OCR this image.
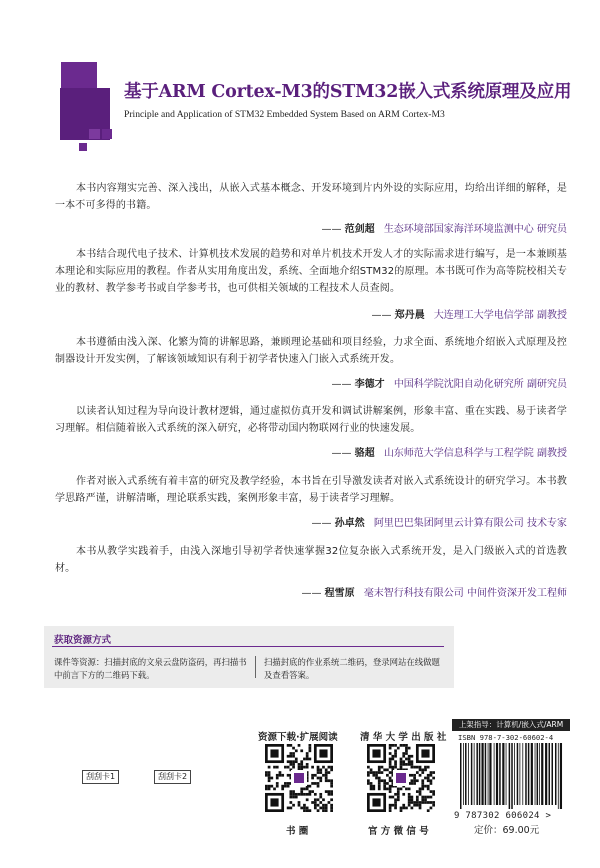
基于ARM Cortex-M3的STM32嵌入式系统原理及应用
Principle and Application of STM32 Embedded System Based on ARM Cortex-M3

本书内容翔实完善、深入浅出，从嵌入式基本概念、开发环境到片内外设的实际应用，均给出详细的解释，是一本不可多得的书籍。

—— 范剑超 生态环境部国家海洋环境监测中心 研究员

本书结合现代电子技术、计算机技术发展的趋势和对单片机技术开发人才的实际需求进行编写，是一本兼顾基本理论和实际应用的教程。作者从实用角度出发，系统、全面地介绍STM32的原理。本书既可作为高等院校相关专业的教材、教学参考书或自学参考书，也可供相关领域的工程技术人员查阅。

—— 郑丹晨 大连理工大学电信学部 副教授

本书遵循由浅入深、化繁为简的讲解思路，兼顾理论基础和项目经验，力求全面、系统地介绍嵌入式原理及控制器设计开发实例，了解该领域知识有利于初学者快速入门嵌入式系统开发。

—— 李德才 中国科学院沈阳自动化研究所 副研究员

以读者认知过程为导向设计教材逻辑，通过虚拟仿真开发和调试讲解案例，形象丰富、重在实践、易于读者学习理解。相信随着嵌入式系统的深入研究，必将带动国内物联网行业的快速发展。

—— 骆超 山东师范大学信息科学与工程学院 副教授

作者对嵌入式系统有着丰富的研究及教学经验，本书旨在引导激发读者对嵌入式系统设计的研究学习。本书教学思路严谨，讲解清晰，理论联系实践，案例形象丰富，易于读者学习理解。

—— 孙卓然 阿里巴巴集团阿里云计算有限公司 技术专家

本书从教学实践着手，由浅入深地引导初学者快速掌握32位复杂嵌入式系统开发，是入门级嵌入式的首选教材。

—— 程雪原 毫末智行科技有限公司 中间件资深开发工程师
获取资源方式
课件等资源：扫描封底的文泉云盘防盗码，再扫描书中前言下方的二维码下载。
扫描封底的作业系统二维码，登录网站在线做题及查看答案。
刮刮卡1	刮刮卡2
资源下载·扩展阅读
书 圈
清 华 大 学 出 版 社
官 方 微 信 号
上架指导：计算机/嵌入式/ARM
ISBN 978-7-302-60602-4
9 787302 606024 >
定价：69.00元
